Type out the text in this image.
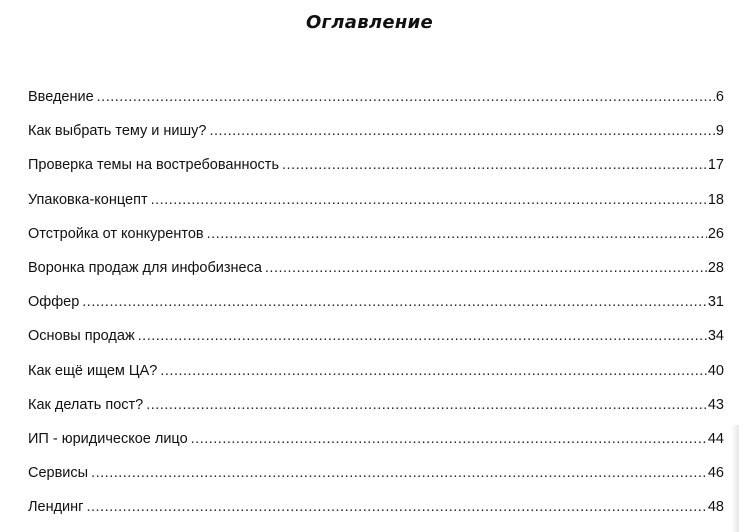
Оглавление
Введение .....	6
Как выбрать тему и нишу? .....	9
Проверка темы на востребованность .....	17
Упаковка-концепт .....	18
Отстройка от конкурентов .....	26
Воронка продаж для инфобизнеса .....	28
Оффер .....	31
Основы продаж .....	34
Как ещё ищем ЦА? .....	40
Как делать пост? .....	43
ИП - юридическое лицо .....	44
Сервисы .....	46
Лендинг .....	48
